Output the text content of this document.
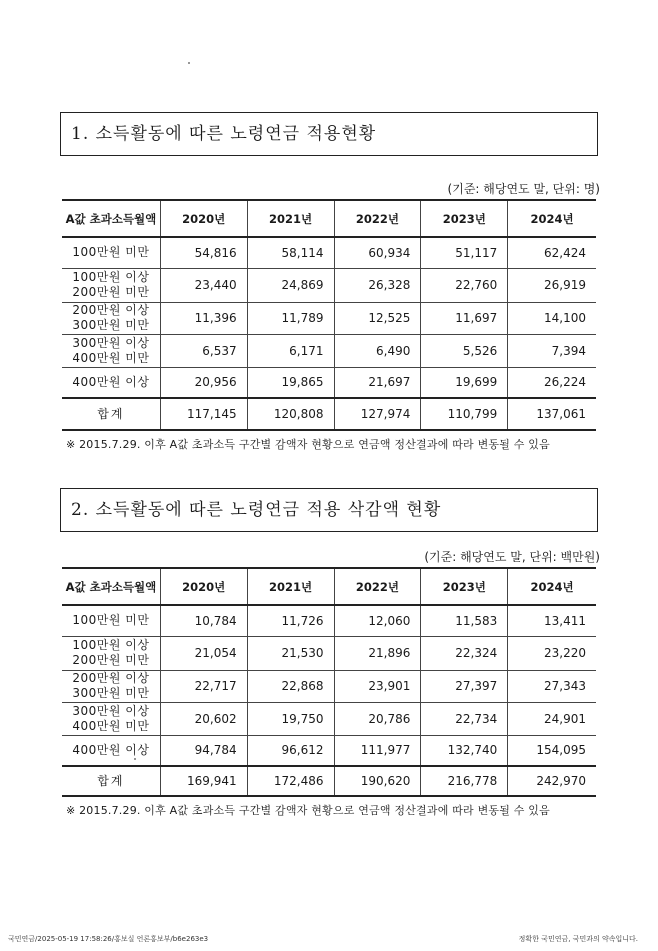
1. 소득활동에 따른 노령연금 적용현황
(기준: 해당연도 말, 단위: 명)
A값 초과소득월액	2020년	2021년	2022년	2023년	2024년
100만원 미만	54,816	58,114	60,934	51,117	62,424
100만원 이상
200만원 미만	23,440	24,869	26,328	22,760	26,919
200만원 이상
300만원 미만	11,396	11,789	12,525	11,697	14,100
300만원 이상
400만원 미만	6,537	6,171	6,490	5,526	7,394
400만원 이상	20,956	19,865	21,697	19,699	26,224
합계	117,145	120,808	127,974	110,799	137,061
※ 2015.7.29. 이후 A값 초과소득 구간별 감액자 현황으로 연금액 정산결과에 따라 변동될 수 있음
2. 소득활동에 따른 노령연금 적용 삭감액 현황
(기준: 해당연도 말, 단위: 백만원)
A값 초과소득월액	2020년	2021년	2022년	2023년	2024년
100만원 미만	10,784	11,726	12,060	11,583	13,411
100만원 이상
200만원 미만	21,054	21,530	21,896	22,324	23,220
200만원 이상
300만원 미만	22,717	22,868	23,901	27,397	27,343
300만원 이상
400만원 미만	20,602	19,750	20,786	22,734	24,901
400만원 이상	94,784	96,612	111,977	132,740	154,095
합계	169,941	172,486	190,620	216,778	242,970
※ 2015.7.29. 이후 A값 초과소득 구간별 감액자 현황으로 연금액 정산결과에 따라 변동될 수 있음
국민연금/2025-05-19 17:58:26/홍보실 언론홍보부/b6e263e3	정확한 국민연금, 국민과의 약속입니다.
